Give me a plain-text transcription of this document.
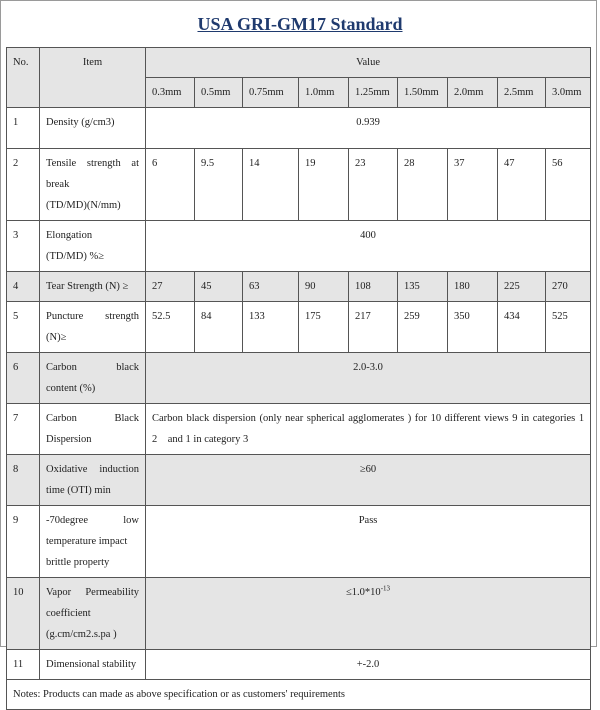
USA GRI-GM17 Standard
No.	Item	Value								
		0.3mm	0.5mm	0.75mm	1.0mm	1.25mm	1.50mm	2.0mm	2.5mm	3.0mm
1	Density (g/cm3)	0.939								
2	Tensile strength at
break
(TD/MD)(N/mm)	6	9.5	14	19	23	28	37	47	56
3	Elongation
(TD/MD) %≥	400								
4	Tear Strength (N) ≥	27	45	63	90	108	135	180	225	270
5	Puncture strength
(N)≥	52.5	84	133	175	217	259	350	434	525
6	Carbon black
content (%)	2.0-3.0								
7	Carbon Black
Dispersion	Carbon black dispersion (only near spherical agglomerates ) for 10 different views 9 in categories 1
2    and 1 in category 3								

8	Oxidative induction
time (OTI) min	≥60								
9	-70degree low
temperature impact
brittle property	Pass								
10	Vapor Permeability
coefficient
(g.cm/cm2.s.pa )	$\le 1.0*10^{-13}$
11	Dimensional stability	+-2.0								
Notes: Products can made as above specification or as customers' requirements										
